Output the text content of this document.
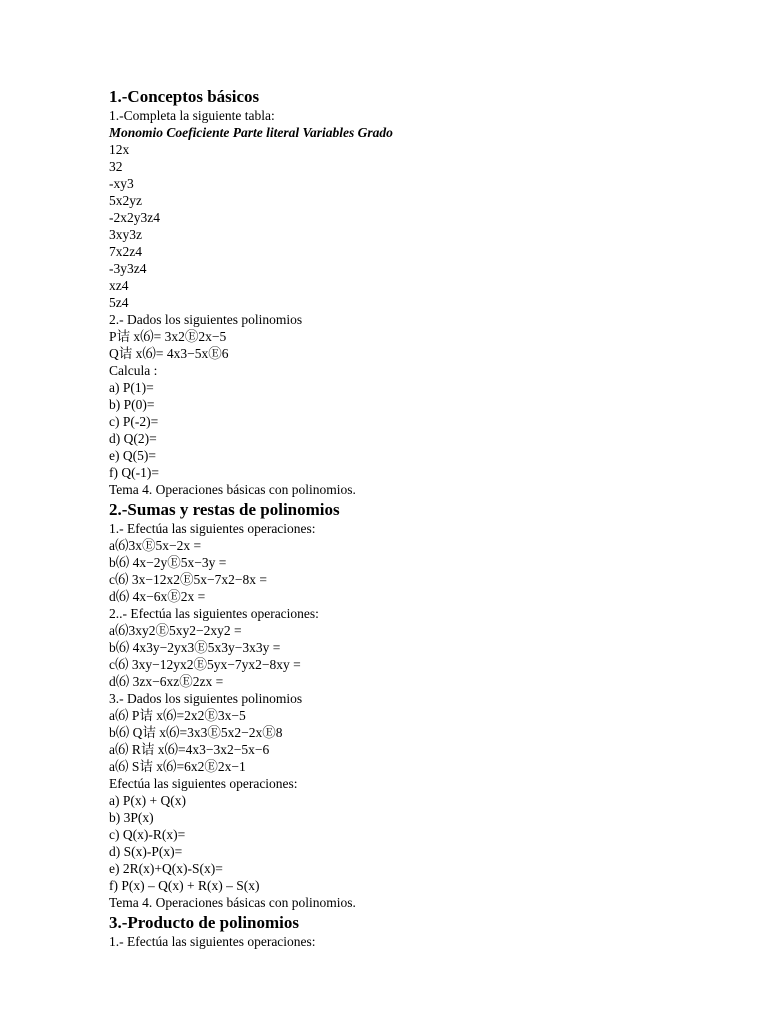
1.-Conceptos básicos
1.-Completa la siguiente tabla:
Monomio Coeficiente Parte literal Variables Grado
12x
32
-xy3
5x2yz
-2x2y3z4
3xy3z
7x2z4
-3y3z4
xz4
5z4
2.- Dados los siguientes polinomios
P诘 x⑹= 3x2Ⓔ2x−5
Q诘 x⑹= 4x3−5xⒺ6
Calcula :
a) P(1)=
b) P(0)=
c) P(-2)=
d) Q(2)=
e) Q(5)=
f) Q(-1)=
Tema 4. Operaciones básicas con polinomios.
2.-Sumas y restas de polinomios
1.- Efectúa las siguientes operaciones:
a⑹3xⒺ5x−2x =
b⑹ 4x−2yⒺ5x−3y =
c⑹ 3x−12x2Ⓔ5x−7x2−8x =
d⑹ 4x−6xⒺ2x =
2..- Efectúa las siguientes operaciones:
a⑹3xy2Ⓔ5xy2−2xy2 =
b⑹ 4x3y−2yx3Ⓔ5x3y−3x3y =
c⑹ 3xy−12yx2Ⓔ5yx−7yx2−8xy =
d⑹ 3zx−6xzⒺ2zx =
3.- Dados los siguientes polinomios
a⑹ P诘 x⑹=2x2Ⓔ3x−5
b⑹ Q诘 x⑹=3x3Ⓔ5x2−2xⒺ8
a⑹ R诘 x⑹=4x3−3x2−5x−6
a⑹ S诘 x⑹=6x2Ⓔ2x−1
Efectúa las siguientes operaciones:
a) P(x) + Q(x)
b) 3P(x)
c) Q(x)-R(x)=
d) S(x)-P(x)=
e) 2R(x)+Q(x)-S(x)=
f) P(x) – Q(x) + R(x) – S(x)
Tema 4. Operaciones básicas con polinomios.
3.-Producto de polinomios
1.- Efectúa las siguientes operaciones:
